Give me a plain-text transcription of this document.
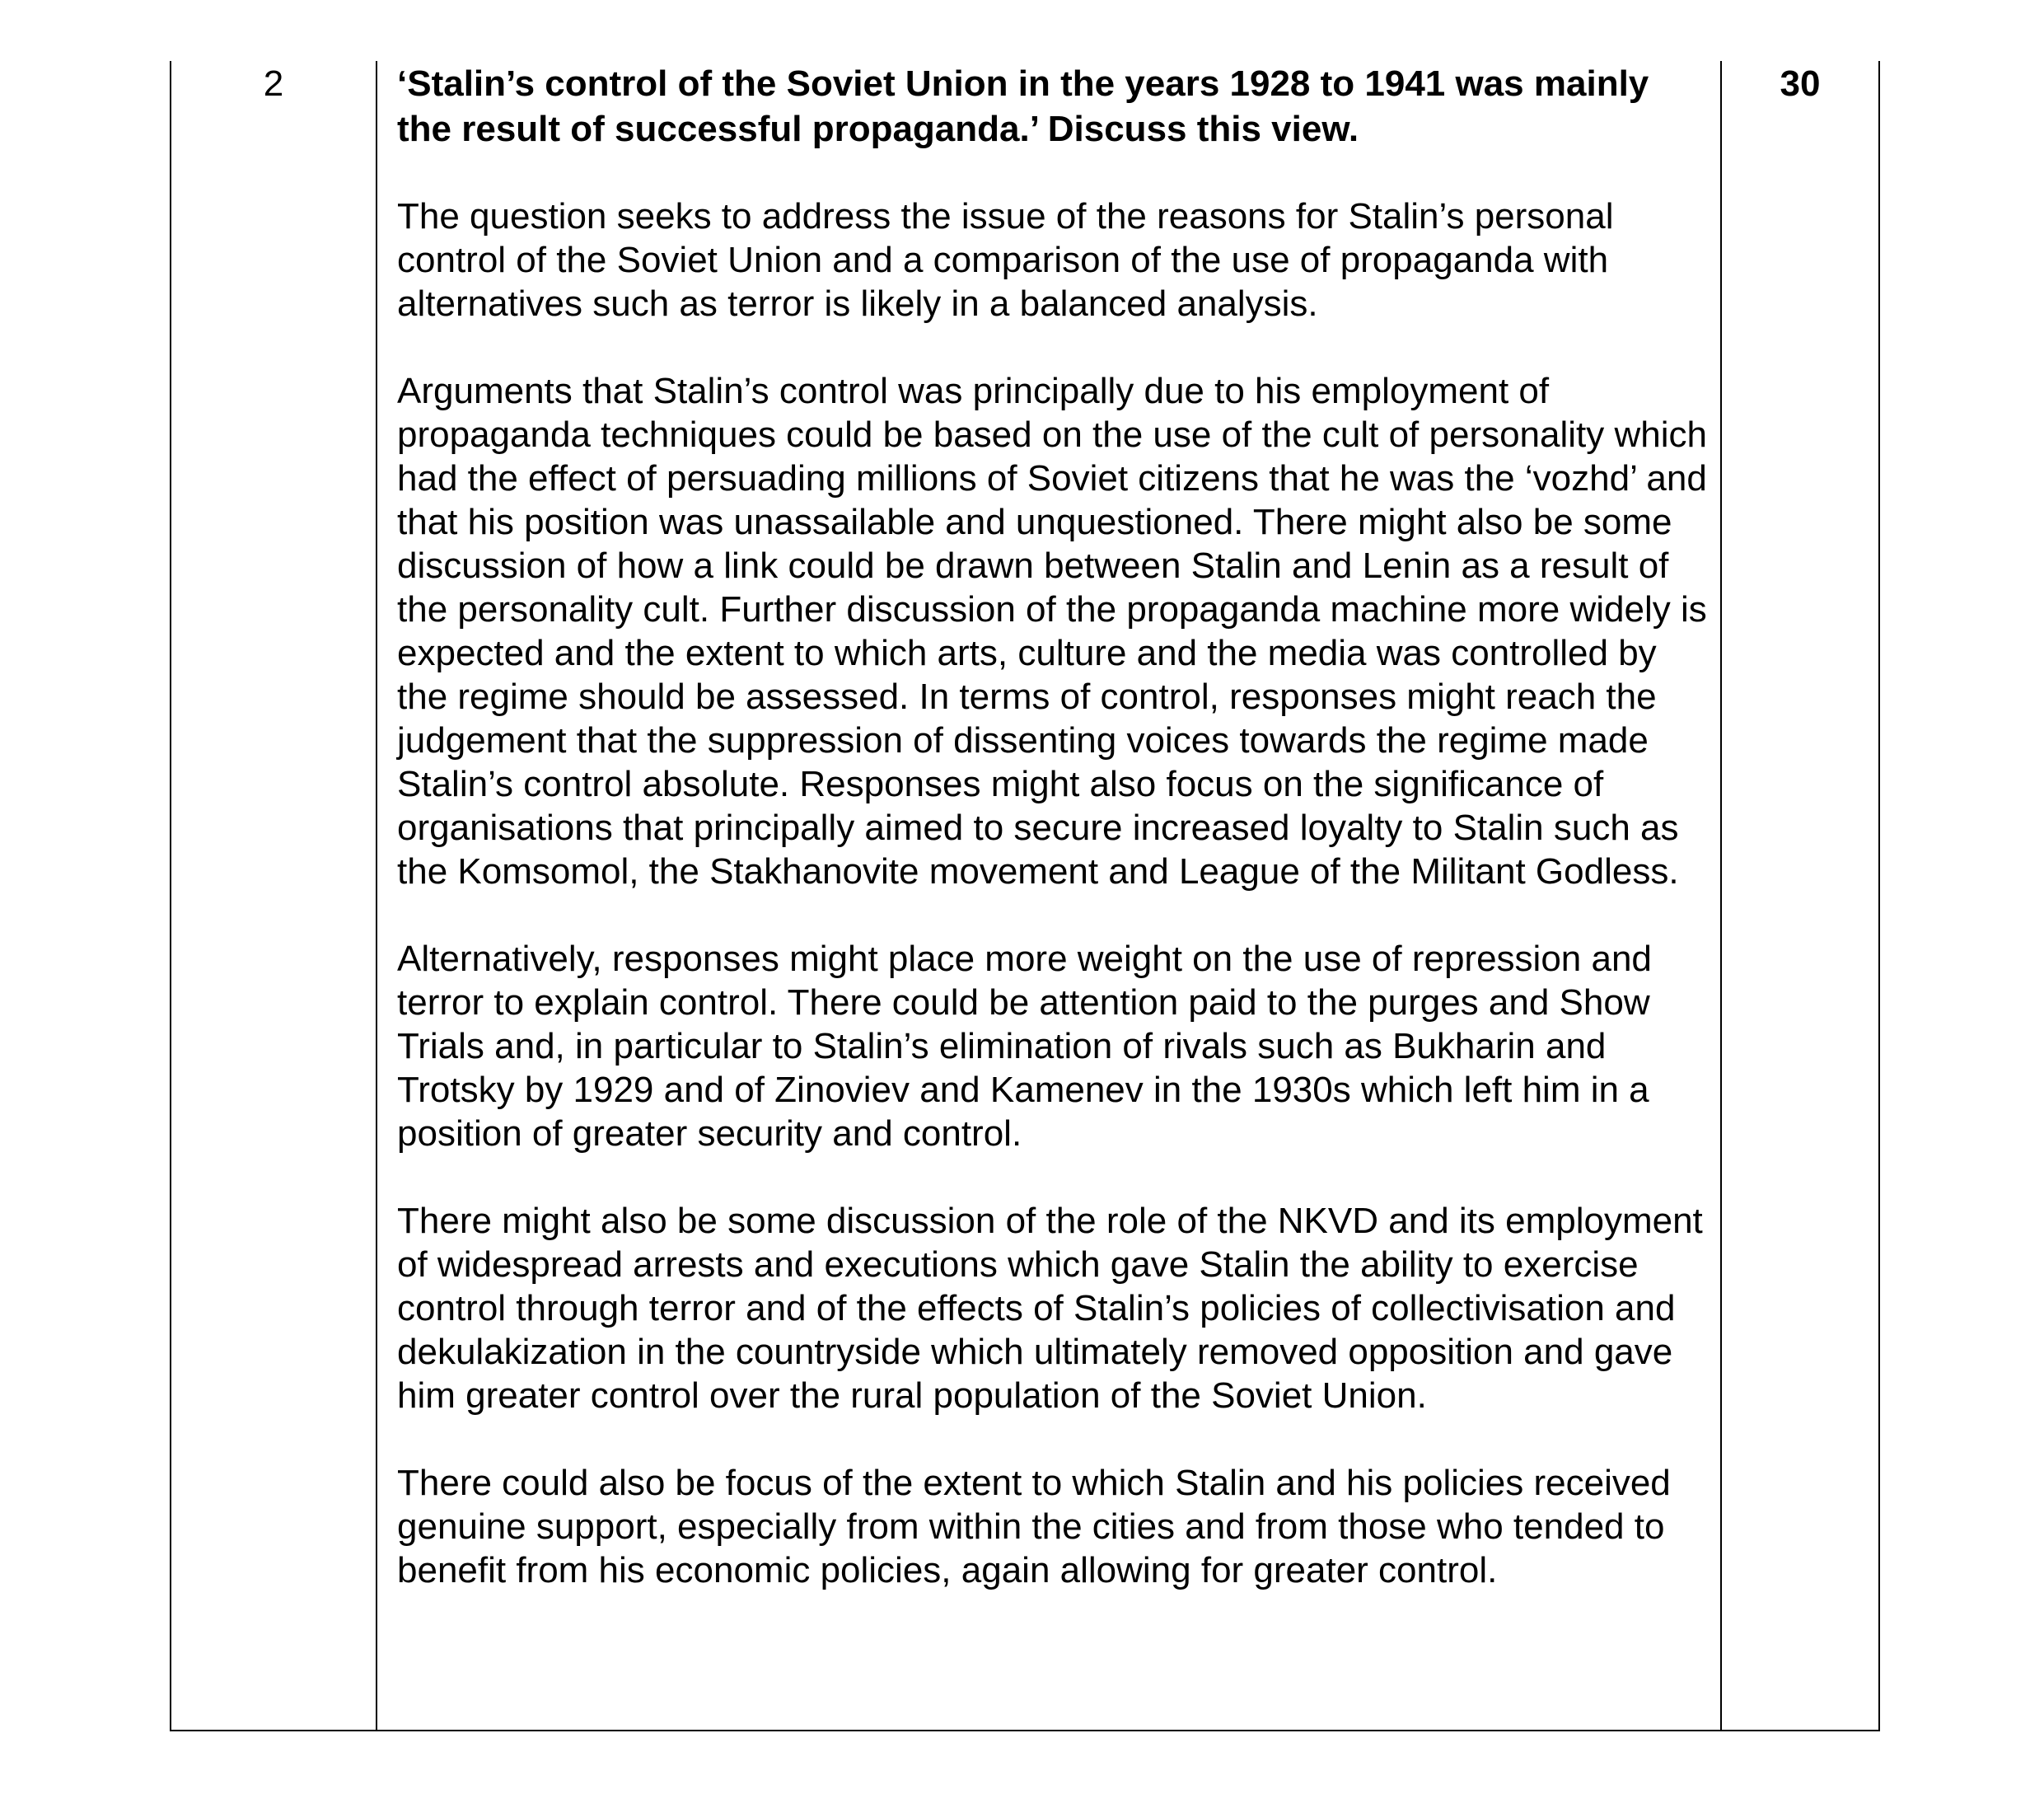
2	‘Stalin’s control of the Soviet Union in the years 1928 to 1941 was mainly the result of successful propaganda.’ Discuss this view.

The question seeks to address the issue of the reasons for Stalin’s personal control of the Soviet Union and a comparison of the use of propaganda with alternatives such as terror is likely in a balanced analysis.

Arguments that Stalin’s control was principally due to his employment of propaganda techniques could be based on the use of the cult of personality which had the effect of persuading millions of Soviet citizens that he was the ‘vozhd’ and that his position was unassailable and unquestioned. There might also be some discussion of how a link could be drawn between Stalin and Lenin as a result of the personality cult. Further discussion of the propaganda machine more widely is expected and the extent to which arts, culture and the media was controlled by the regime should be assessed. In terms of control, responses might reach the judgement that the suppression of dissenting voices towards the regime made Stalin’s control absolute. Responses might also focus on the significance of organisations that principally aimed to secure increased loyalty to Stalin such as the Komsomol, the Stakhanovite movement and League of the Militant Godless.

Alternatively, responses might place more weight on the use of repression and terror to explain control. There could be attention paid to the purges and Show Trials and, in particular to Stalin’s elimination of rivals such as Bukharin and Trotsky by 1929 and of Zinoviev and Kamenev in the 1930s which left him in a position of greater security and control.

There might also be some discussion of the role of the NKVD and its employment of widespread arrests and executions which gave Stalin the ability to exercise control through terror and of the effects of Stalin’s policies of collectivisation and dekulakization in the countryside which ultimately removed opposition and gave him greater control over the rural population of the Soviet Union.

There could also be focus of the extent to which Stalin and his policies received genuine support, especially from within the cities and from those who tended to benefit from his economic policies, again allowing for greater control.

30
